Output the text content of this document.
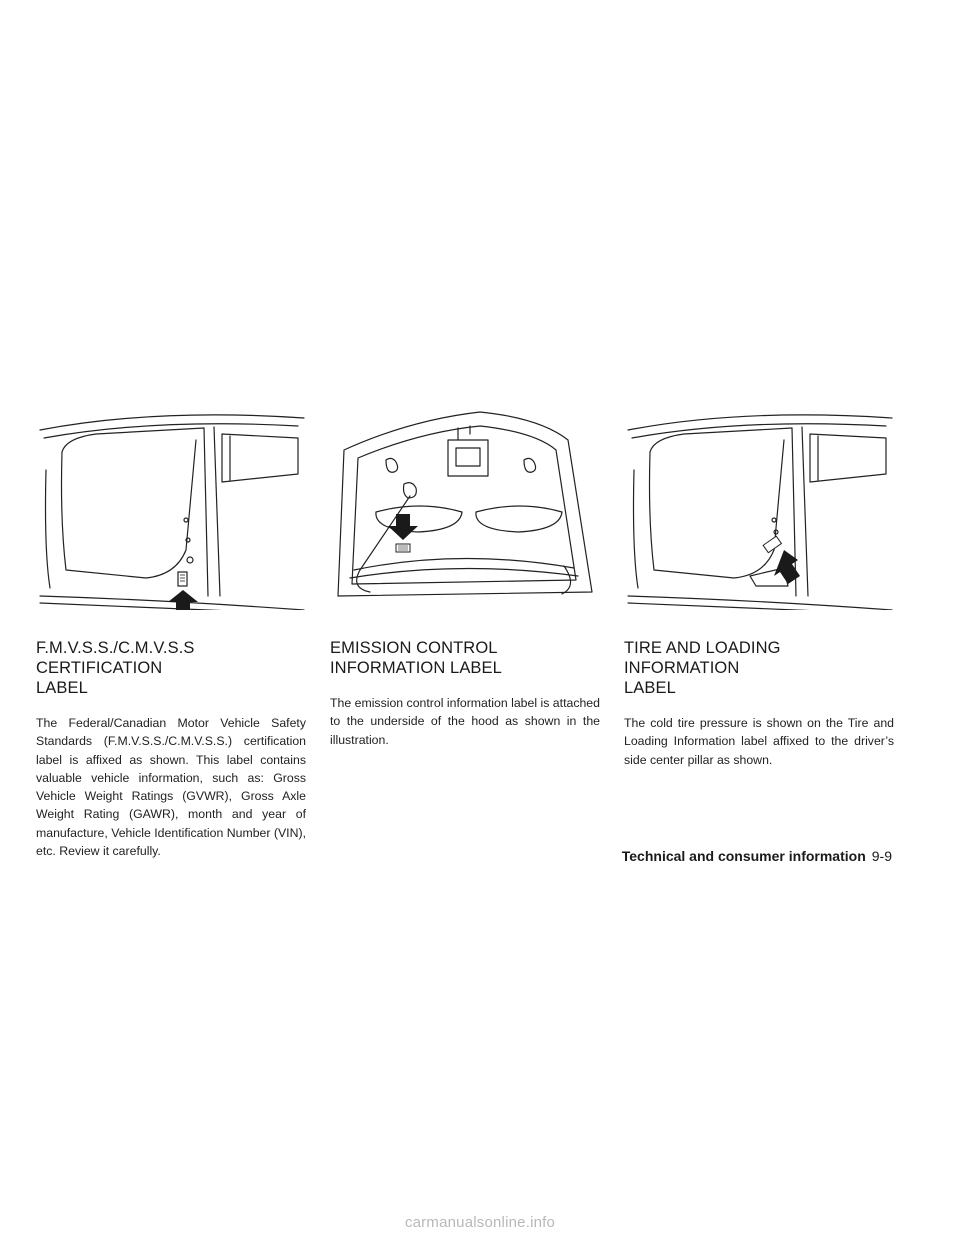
F.M.V.S.S./C.M.V.S.S CERTIFICATION
LABEL

The Federal/Canadian Motor Vehicle Safety Standards (F.M.V.S.S./C.M.V.S.S.) certification label is affixed as shown. This label contains valuable vehicle information, such as: Gross Vehicle Weight Ratings (GVWR), Gross Axle Weight Rating (GAWR), month and year of manufacture, Vehicle Identification Number (VIN), etc. Review it carefully.

EMISSION CONTROL
INFORMATION LABEL

The emission control information label is attached to the underside of the hood as shown in the illustration.

TIRE AND LOADING INFORMATION
LABEL

The cold tire pressure is shown on the Tire and Loading Information label affixed to the driver’s side center pillar as shown.

Technical and consumer information 9-9
carmanualsonline.info
